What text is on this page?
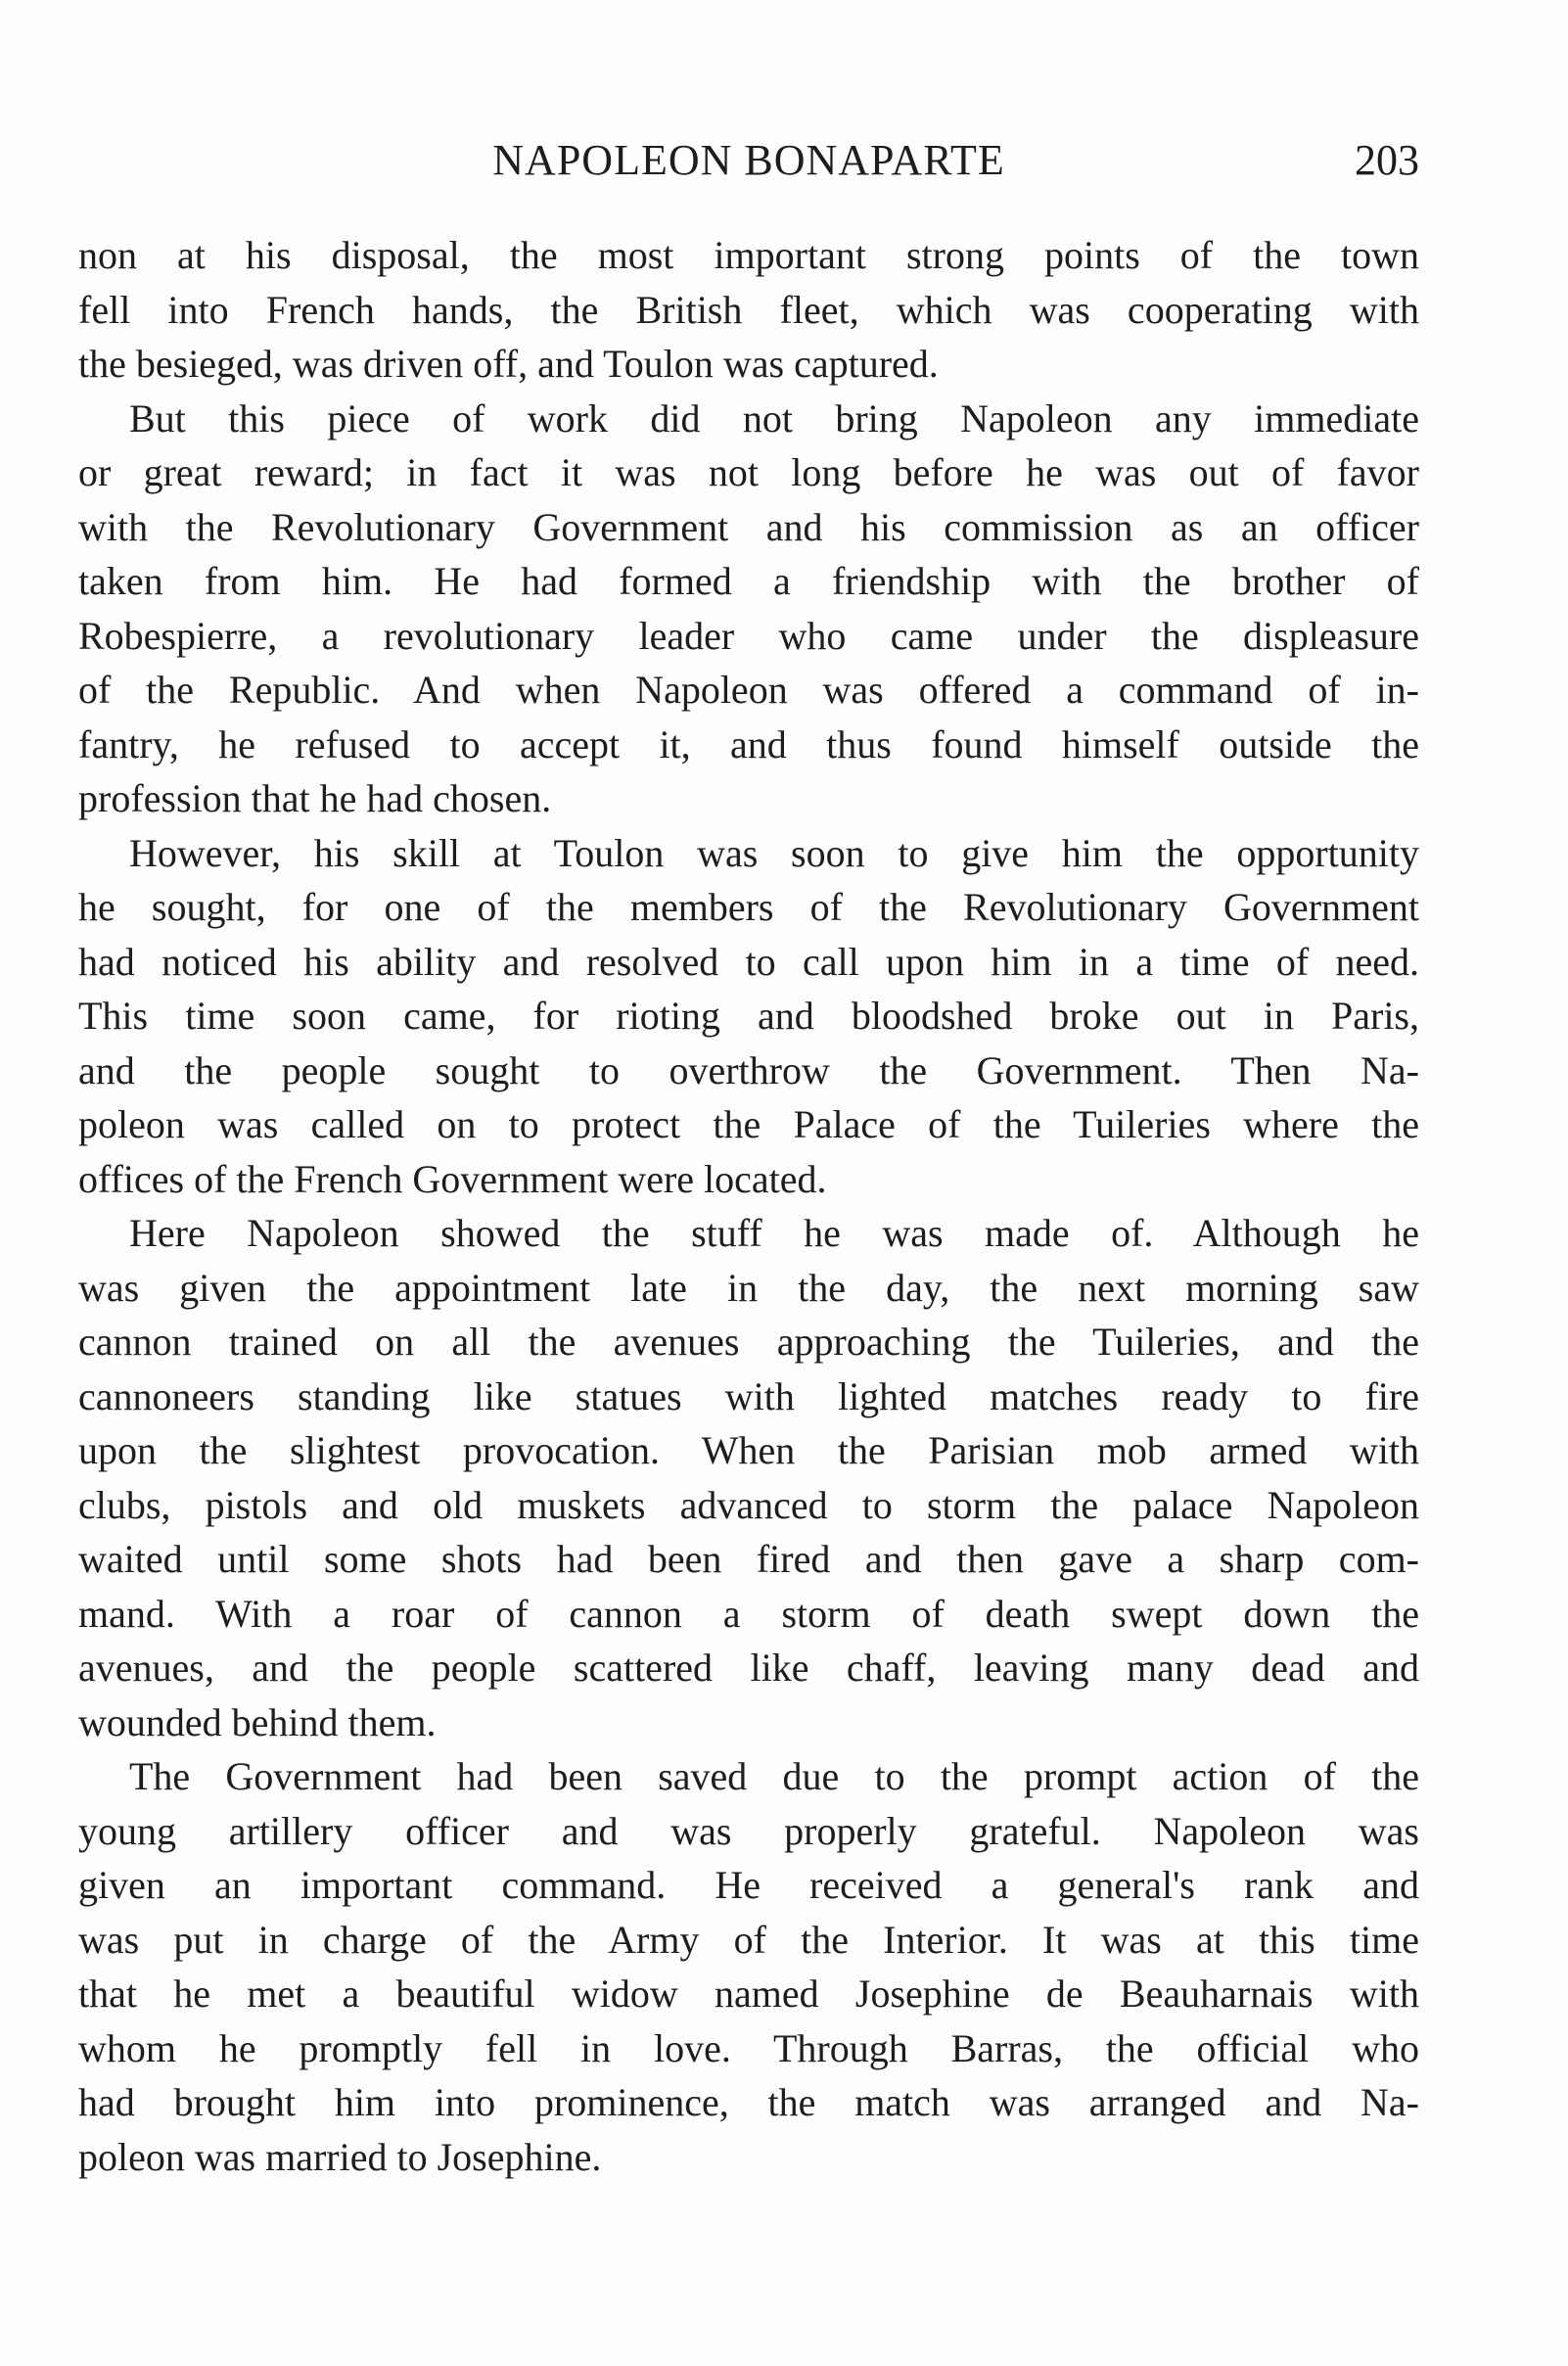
NAPOLEON BONAPARTE	203
non at his disposal, the most important strong points of the town
fell into French hands, the British fleet, which was cooperating with
the besieged, was driven off, and Toulon was captured.
But this piece of work did not bring Napoleon any immediate
or great reward; in fact it was not long before he was out of favor
with the Revolutionary Government and his commission as an officer
taken from him. He had formed a friendship with the brother of
Robespierre, a revolutionary leader who came under the displeasure
of the Republic. And when Napoleon was offered a command of in-
fantry, he refused to accept it, and thus found himself outside the
profession that he had chosen.
However, his skill at Toulon was soon to give him the opportunity
he sought, for one of the members of the Revolutionary Government
had noticed his ability and resolved to call upon him in a time of need.
This time soon came, for rioting and bloodshed broke out in Paris,
and the people sought to overthrow the Government. Then Na-
poleon was called on to protect the Palace of the Tuileries where the
offices of the French Government were located.
Here Napoleon showed the stuff he was made of. Although he
was given the appointment late in the day, the next morning saw
cannon trained on all the avenues approaching the Tuileries, and the
cannoneers standing like statues with lighted matches ready to fire
upon the slightest provocation. When the Parisian mob armed with
clubs, pistols and old muskets advanced to storm the palace Napoleon
waited until some shots had been fired and then gave a sharp com-
mand. With a roar of cannon a storm of death swept down the
avenues, and the people scattered like chaff, leaving many dead and
wounded behind them.
The Government had been saved due to the prompt action of the
young artillery officer and was properly grateful. Napoleon was
given an important command. He received a general's rank and
was put in charge of the Army of the Interior. It was at this time
that he met a beautiful widow named Josephine de Beauharnais with
whom he promptly fell in love. Through Barras, the official who
had brought him into prominence, the match was arranged and Na-
poleon was married to Josephine.
